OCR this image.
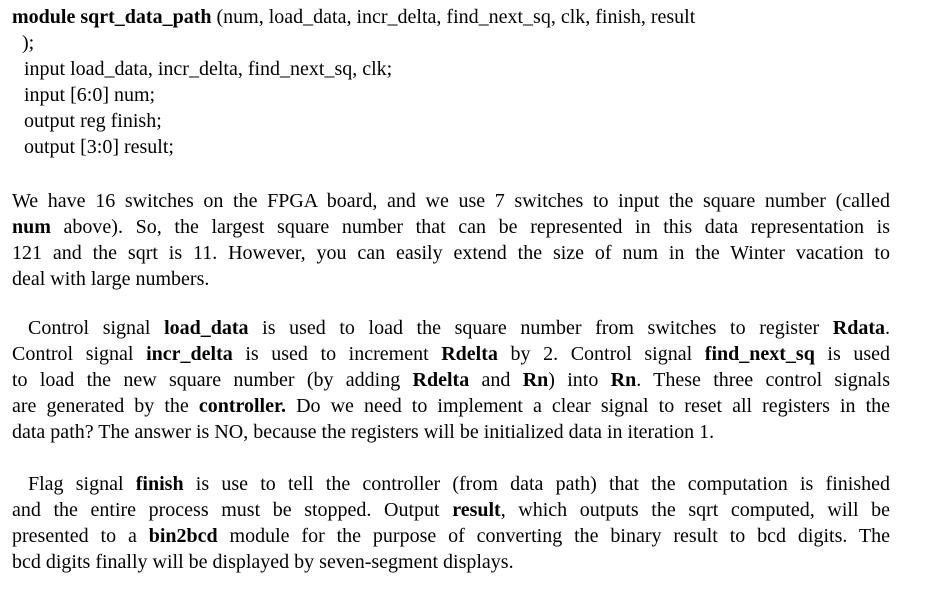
module sqrt_data_path (num, load_data, incr_delta, find_next_sq, clk, finish, result
);
input load_data, incr_delta, find_next_sq, clk;
input [6:0] num;
output reg finish;
output [3:0] result;
We have 16 switches on the FPGA board, and we use 7 switches to input the square number (called
num above). So, the largest square number that can be represented in this data representation is
121 and the sqrt is 11. However, you can easily extend the size of num in the Winter vacation to
deal with large numbers.
Control signal load_data is used to load the square number from switches to register Rdata.
Control signal incr_delta is used to increment Rdelta by 2. Control signal find_next_sq is used
to load the new square number (by adding Rdelta and Rn) into Rn. These three control signals
are generated by the controller. Do we need to implement a clear signal to reset all registers in the
data path? The answer is NO, because the registers will be initialized data in iteration 1.
Flag signal finish is use to tell the controller (from data path) that the computation is finished
and the entire process must be stopped. Output result, which outputs the sqrt computed, will be
presented to a bin2bcd module for the purpose of converting the binary result to bcd digits. The
bcd digits finally will be displayed by seven-segment displays.
